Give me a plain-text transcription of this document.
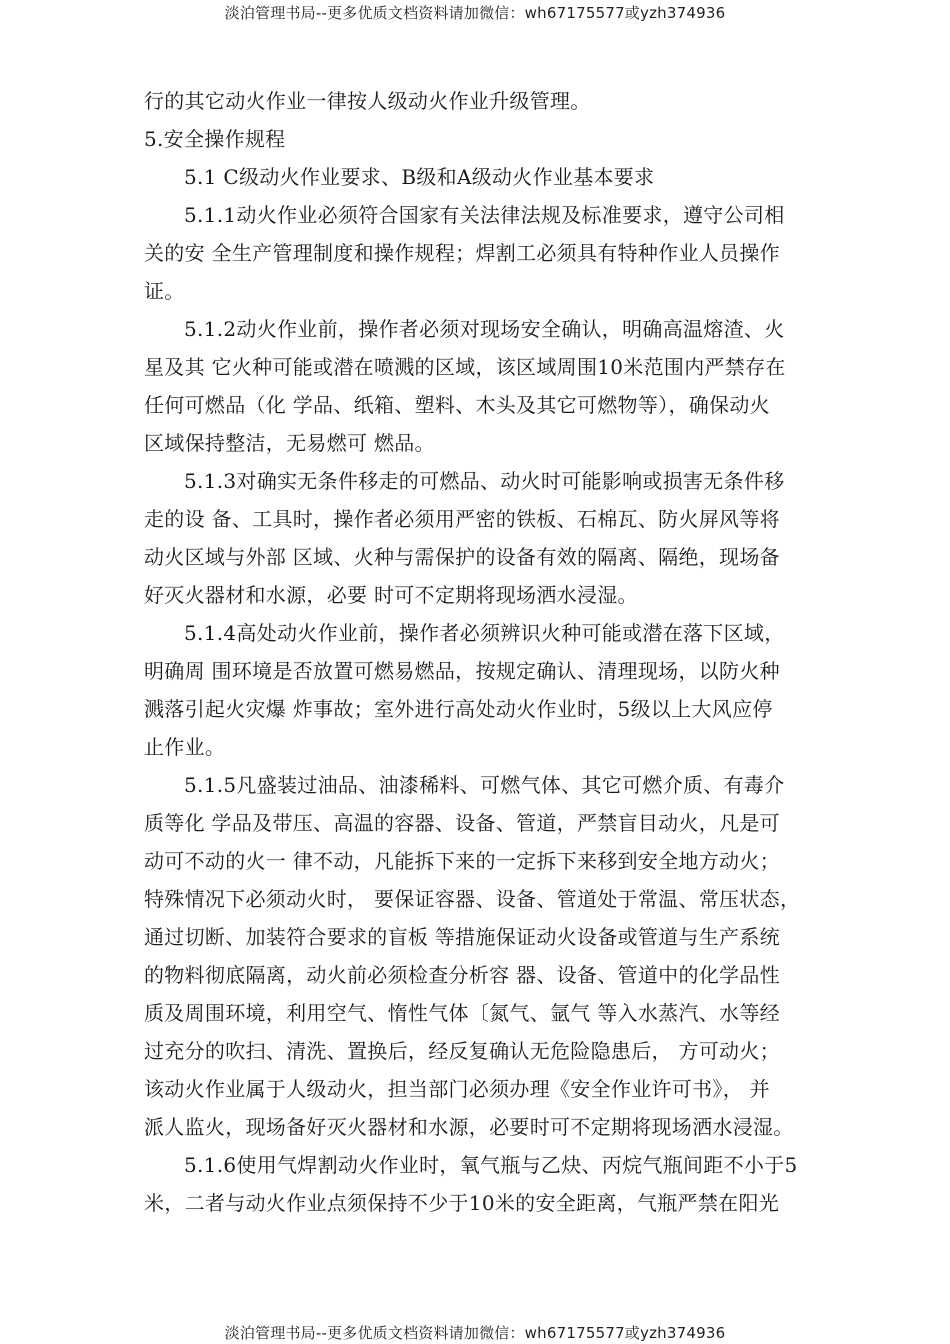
淡泊管理书局--更多优质文档资料请加微信：wh67175577或yzh374936

行的其它动火作业一律按人级动火作业升级管理。

5.安全操作规程

5.1 C级动火作业要求、B级和A级动火作业基本要求

5.1.1动火作业必须符合国家有关法律法规及标准要求，遵守公司相
关的安 全生产管理制度和操作规程；焊割工必须具有特种作业人员操作
证。

5.1.2动火作业前，操作者必须对现场安全确认，明确高温熔渣、火
星及其 它火种可能或潜在喷溅的区域，该区域周围10米范围内严禁存在
任何可燃品（化 学品、纸箱、塑料、木头及其它可燃物等），确保动火
区域保持整洁，无易燃可 燃品。

5.1.3对确实无条件移走的可燃品、动火时可能影响或损害无条件移
走的设 备、工具时，操作者必须用严密的铁板、石棉瓦、防火屏风等将
动火区域与外部 区域、火种与需保护的设备有效的隔离、隔绝，现场备
好灭火器材和水源，必要 时可不定期将现场洒水浸湿。

5.1.4高处动火作业前，操作者必须辨识火种可能或潜在落下区域，
明确周 围环境是否放置可燃易燃品，按规定确认、清理现场，以防火种
溅落引起火灾爆 炸事故；室外进行高处动火作业时，5级以上大风应停
止作业。

5.1.5凡盛装过油品、油漆稀料、可燃气体、其它可燃介质、有毒介
质等化 学品及带压、高温的容器、设备、管道，严禁盲目动火，凡是可
动可不动的火一 律不动，凡能拆下来的一定拆下来移到安全地方动火；
特殊情况下必须动火时， 要保证容器、设备、管道处于常温、常压状态，
通过切断、加装符合要求的盲板 等措施保证动火设备或管道与生产系统
的物料彻底隔离，动火前必须检查分析容 器、设备、管道中的化学品性
质及周围环境，利用空气、惰性气体〔氮气、氩气 等入水蒸汽、水等经
过充分的吹扫、清洗、置换后，经反复确认无危险隐患后， 方可动火；
该动火作业属于人级动火，担当部门必须办理《安全作业许可书》， 并
派人监火，现场备好灭火器材和水源，必要时可不定期将现场洒水浸湿。

5.1.6使用气焊割动火作业时，氧气瓶与乙炔、丙烷气瓶间距不小于5
米，二者与动火作业点须保持不少于10米的安全距离，气瓶严禁在阳光

淡泊管理书局--更多优质文档资料请加微信：wh67175577或yzh374936
